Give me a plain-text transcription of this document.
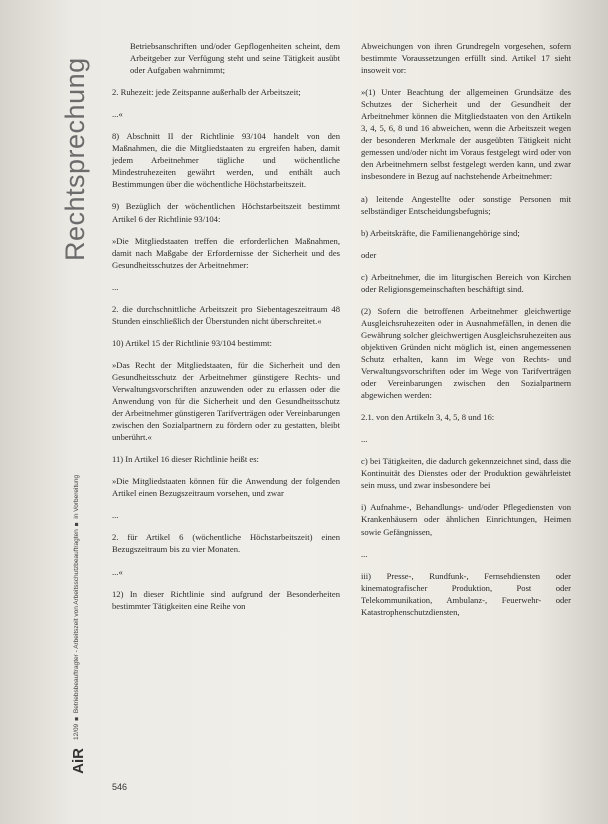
Rechtsprechung
12/09 ■ Betriebsbeauftragter - Arbeitszeit von Arbeitsschutzbeauftragten ■ in Vorbereitung
AiR

Betriebsanschriften und/oder Gepflogenheiten scheint, dem Arbeitgeber zur Verfügung steht und seine Tätigkeit ausübt oder Aufgaben wahrnimmt;

2. Ruhezeit: jede Zeitspanne außerhalb der Arbeitszeit;

...«

8) Abschnitt II der Richtlinie 93/104 handelt von den Maßnahmen, die die Mitgliedstaaten zu ergreifen haben, damit jedem Arbeitnehmer tägliche und wöchentliche Mindestruhezeiten gewährt werden, und enthält auch Bestimmungen über die wöchentliche Höchstarbeitszeit.

9) Bezüglich der wöchentlichen Höchstarbeitszeit bestimmt Artikel 6 der Richtlinie 93/104:

»Die Mitgliedstaaten treffen die erforderlichen Maßnahmen, damit nach Maßgabe der Erfordernisse der Sicherheit und des Gesundheitsschutzes der Arbeitnehmer:

...

2. die durchschnittliche Arbeitszeit pro Siebentageszeitraum 48 Stunden einschließlich der Überstunden nicht überschreitet.«

10) Artikel 15 der Richtlinie 93/104 bestimmt:

»Das Recht der Mitgliedstaaten, für die Sicherheit und den Gesundheitsschutz der Arbeitnehmer günstigere Rechts- und Verwaltungsvorschriften anzuwenden oder zu erlassen oder die Anwendung von für die Sicherheit und den Gesundheitsschutz der Arbeitnehmer günstigeren Tarifverträgen oder Vereinbarungen zwischen den Sozialpartnern zu fördern oder zu gestatten, bleibt unberührt.«

11) In Artikel 16 dieser Richtlinie heißt es:

»Die Mitgliedstaaten können für die Anwendung der folgenden Artikel einen Bezugszeitraum vorsehen, und zwar

...

2. für Artikel 6 (wöchentliche Höchstarbeitszeit) einen Bezugszeitraum bis zu vier Monaten.

...«

12) In dieser Richtlinie sind aufgrund der Besonderheiten bestimmter Tätigkeiten eine Reihe von

Abweichungen von ihren Grundregeln vorgesehen, sofern bestimmte Voraussetzungen erfüllt sind. Artikel 17 sieht insoweit vor:

»(1) Unter Beachtung der allgemeinen Grundsätze des Schutzes der Sicherheit und der Gesundheit der Arbeitnehmer können die Mitgliedstaaten von den Artikeln 3, 4, 5, 6, 8 und 16 abweichen, wenn die Arbeitszeit wegen der besonderen Merkmale der ausgeübten Tätigkeit nicht gemessen und/oder nicht im Voraus festgelegt wird oder von den Arbeitnehmern selbst festgelegt werden kann, und zwar insbesondere in Bezug auf nachstehende Arbeitnehmer:

a) leitende Angestellte oder sonstige Personen mit selbständiger Entscheidungsbefugnis;

b) Arbeitskräfte, die Familienangehörige sind;

oder

c) Arbeitnehmer, die im liturgischen Bereich von Kirchen oder Religionsgemeinschaften beschäftigt sind.

(2) Sofern die betroffenen Arbeitnehmer gleichwertige Ausgleichsruhezeiten oder in Ausnahmefällen, in denen die Gewährung solcher gleichwertigen Ausgleichsruhezeiten aus objektiven Gründen nicht möglich ist, einen angemessenen Schutz erhalten, kann im Wege von Rechts- und Verwaltungsvorschriften oder im Wege von Tarifverträgen oder Vereinbarungen zwischen den Sozialpartnern abgewichen werden:

2.1. von den Artikeln 3, 4, 5, 8 und 16:

...

c) bei Tätigkeiten, die dadurch gekennzeichnet sind, dass die Kontinuität des Dienstes oder der Produktion gewährleistet sein muss, und zwar insbesondere bei

i) Aufnahme-, Behandlungs- und/oder Pflegediensten von Krankenhäusern oder ähnlichen Einrichtungen, Heimen sowie Gefängnissen,

...

iii) Presse-, Rundfunk-, Fernsehdiensten oder kinematografischer Produktion, Post oder Telekommunikation, Ambulanz-, Feuerwehr- oder Katastrophenschutzdiensten,

546
